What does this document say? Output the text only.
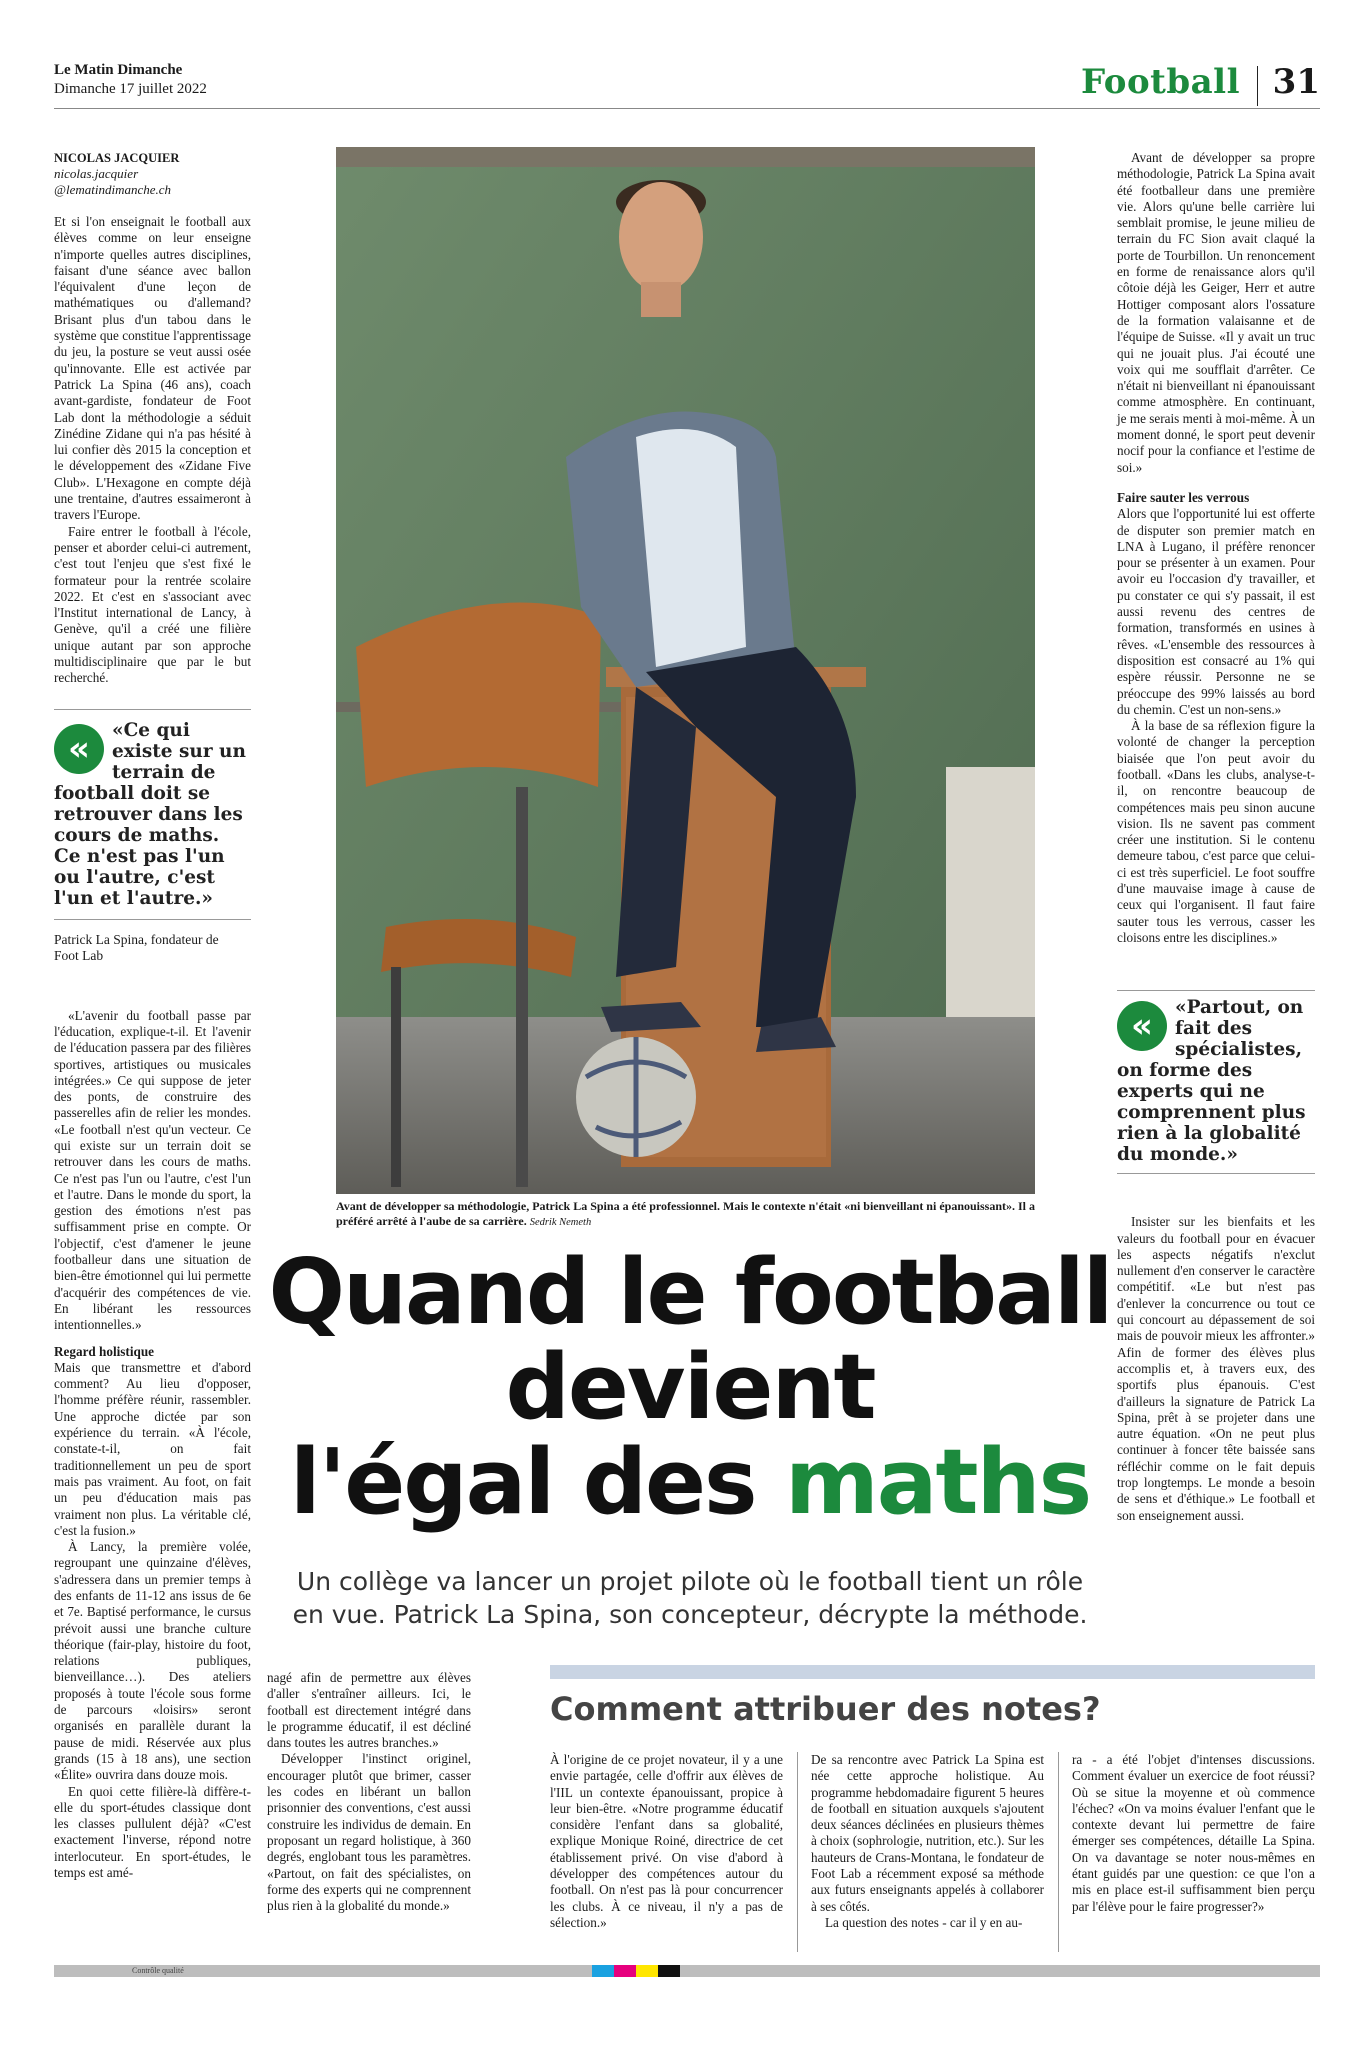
Le Matin Dimanche
Dimanche 17 juillet 2022	Football 31
NICOLAS JACQUIER
nicolas.jacquier
@lematindimanche.ch

Et si l'on enseignait le football aux élèves comme on leur enseigne n'importe quelles autres disciplines, faisant d'une séance avec ballon l'équivalent d'une leçon de mathématiques ou d'allemand? Brisant plus d'un tabou dans le système que constitue l'apprentissage du jeu, la posture se veut aussi osée qu'innovante. Elle est activée par Patrick La Spina (46 ans), coach avant-gardiste, fondateur de Foot Lab dont la méthodologie a séduit Zinédine Zidane qui n'a pas hésité à lui confier dès 2015 la conception et le développement des «Zidane Five Club». L'Hexagone en compte déjà une trentaine, d'autres essaimeront à travers l'Europe.

Faire entrer le football à l'école, penser et aborder celui-ci autrement, c'est tout l'enjeu que s'est fixé le formateur pour la rentrée scolaire 2022. Et c'est en s'associant avec l'Institut international de Lancy, à Genève, qu'il a créé une filière unique autant par son approche multidisciplinaire que par le but recherché.

«	«Ce qui existe sur un terrain de football doit se retrouver dans les cours de maths. Ce n'est pas l'un ou l'autre, c'est l'un et l'autre.»
Patrick La Spina, fondateur de Foot Lab

«L'avenir du football passe par l'éducation, explique-t-il. Et l'avenir de l'éducation passera par des filières sportives, artistiques ou musicales intégrées.» Ce qui suppose de jeter des ponts, de construire des passerelles afin de relier les mondes. «Le football n'est qu'un vecteur. Ce qui existe sur un terrain doit se retrouver dans les cours de maths. Ce n'est pas l'un ou l'autre, c'est l'un et l'autre. Dans le monde du sport, la gestion des émotions n'est pas suffisamment prise en compte. Or l'objectif, c'est d'amener le jeune footballeur dans une situation de bien-être émotionnel qui lui permette d'acquérir des compétences de vie. En libérant les ressources intentionnelles.»

Regard holistique

Mais que transmettre et d'abord comment? Au lieu d'opposer, l'homme préfère réunir, rassembler. Une approche dictée par son expérience du terrain. «À l'école, constate-t-il, on fait traditionnellement un peu de sport mais pas vraiment. Au foot, on fait un peu d'éducation mais pas vraiment non plus. La véritable clé, c'est la fusion.»

À Lancy, la première volée, regroupant une quinzaine d'élèves, s'adressera dans un premier temps à des enfants de 11-12 ans issus de 6e et 7e. Baptisé performance, le cursus prévoit aussi une branche culture théorique (fair-play, histoire du foot, relations publiques, bienveillance…). Des ateliers proposés à toute l'école sous forme de parcours «loisirs» seront organisés en parallèle durant la pause de midi. Réservée aux plus grands (15 à 18 ans), une section «Élite» ouvrira dans douze mois.

En quoi cette filière-là diffère-t-elle du sport-études classique dont les classes pullulent déjà? «C'est exactement l'inverse, répond notre interlocuteur. En sport-études, le temps est amé-

Avant de développer sa méthodologie, Patrick La Spina a été professionnel. Mais le contexte n'était «ni bienveillant ni épanouissant». Il a préféré arrêté à l'aube de sa carrière. Sedrik Nemeth
Quand le football
devient
l'égal des maths
Un collège va lancer un projet pilote où le football tient un rôle en vue. Patrick La Spina, son concepteur, décrypte la méthode.

nagé afin de permettre aux élèves d'aller s'entraîner ailleurs. Ici, le football est directement intégré dans le programme éducatif, il est décliné dans toutes les autres branches.»

Développer l'instinct originel, encourager plutôt que brimer, casser les codes en libérant un ballon prisonnier des conventions, c'est aussi construire les individus de demain. En proposant un regard holistique, à 360 degrés, englobant tous les paramètres. «Partout, on fait des spécialistes, on forme des experts qui ne comprennent plus rien à la globalité du monde.»

Avant de développer sa propre méthodologie, Patrick La Spina avait été footballeur dans une première vie. Alors qu'une belle carrière lui semblait promise, le jeune milieu de terrain du FC Sion avait claqué la porte de Tourbillon. Un renoncement en forme de renaissance alors qu'il côtoie déjà les Geiger, Herr et autre Hottiger composant alors l'ossature de la formation valaisanne et de l'équipe de Suisse. «Il y avait un truc qui ne jouait plus. J'ai écouté une voix qui me soufflait d'arrêter. Ce n'était ni bienveillant ni épanouissant comme atmosphère. En continuant, je me serais menti à moi-même. À un moment donné, le sport peut devenir nocif pour la confiance et l'estime de soi.»

Faire sauter les verrous

Alors que l'opportunité lui est offerte de disputer son premier match en LNA à Lugano, il préfère renoncer pour se présenter à un examen. Pour avoir eu l'occasion d'y travailler, et pu constater ce qui s'y passait, il est aussi revenu des centres de formation, transformés en usines à rêves. «L'ensemble des ressources à disposition est consacré au 1% qui espère réussir. Personne ne se préoccupe des 99% laissés au bord du chemin. C'est un non-sens.»

À la base de sa réflexion figure la volonté de changer la perception biaisée que l'on peut avoir du football. «Dans les clubs, analyse-t-il, on rencontre beaucoup de compétences mais peu sinon aucune vision. Ils ne savent pas comment créer une institution. Si le contenu demeure tabou, c'est parce que celui-ci est très superficiel. Le foot souffre d'une mauvaise image à cause de ceux qui l'organisent. Il faut faire sauter tous les verrous, casser les cloisons entre les disciplines.»

«	«Partout, on fait des spécialistes, on forme des experts qui ne comprennent plus rien à la globalité du monde.»

Insister sur les bienfaits et les valeurs du football pour en évacuer les aspects négatifs n'exclut nullement d'en conserver le caractère compétitif. «Le but n'est pas d'enlever la concurrence ou tout ce qui concourt au dépassement de soi mais de pouvoir mieux les affronter.» Afin de former des élèves plus accomplis et, à travers eux, des sportifs plus épanouis. C'est d'ailleurs la signature de Patrick La Spina, prêt à se projeter dans une autre équation. «On ne peut plus continuer à foncer tête baissée sans réfléchir comme on le fait depuis trop longtemps. Le monde a besoin de sens et d'éthique.» Le football et son enseignement aussi.

Comment attribuer des notes?

À l'origine de ce projet novateur, il y a une envie partagée, celle d'offrir aux élèves de l'IIL un contexte épanouissant, propice à leur bien-être. «Notre programme éducatif considère l'enfant dans sa globalité, explique Monique Roiné, directrice de cet établissement privé. On vise d'abord à développer des compétences autour du football. On n'est pas là pour concurrencer les clubs. À ce niveau, il n'y a pas de sélection.»

De sa rencontre avec Patrick La Spina est née cette approche holistique. Au programme hebdomadaire figurent 5 heures de football en situation auxquels s'ajoutent deux séances déclinées en plusieurs thèmes à choix (sophrologie, nutrition, etc.). Sur les hauteurs de Crans-Montana, le fondateur de Foot Lab a récemment exposé sa méthode aux futurs enseignants appelés à collaborer à ses côtés.

La question des notes - car il y en au-

ra - a été l'objet d'intenses discussions. Comment évaluer un exercice de foot réussi? Où se situe la moyenne et où commence l'échec? «On va moins évaluer l'enfant que le contexte devant lui permettre de faire émerger ses compétences, détaille La Spina. On va davantage se noter nous-mêmes en étant guidés par une question: ce que l'on a mis en place est-il suffisamment bien perçu par l'élève pour le faire progresser?»

Contrôle qualité
